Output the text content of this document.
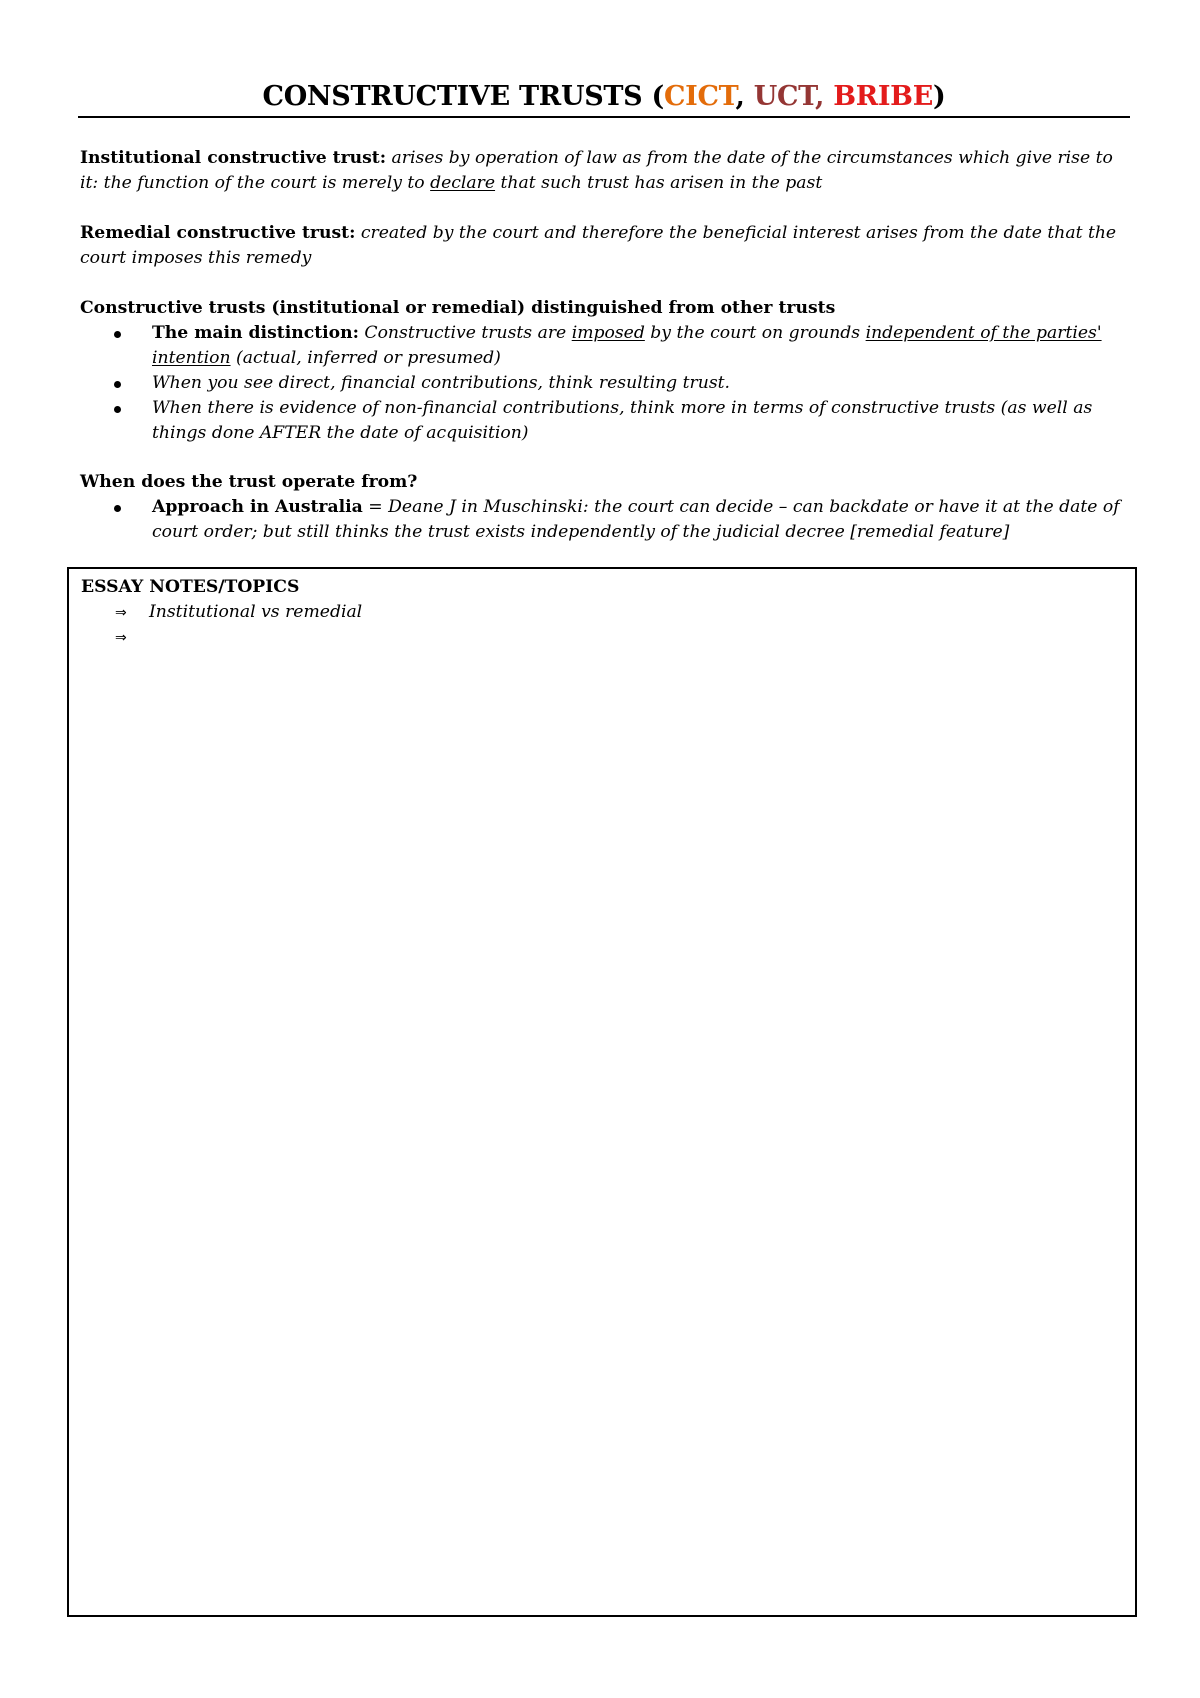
CONSTRUCTIVE TRUSTS (CICT, UCT, BRIBE)
Institutional constructive trust: arises by operation of law as from the date of the circumstances which give rise to it: the function of the court is merely to declare that such trust has arisen in the past
Remedial constructive trust: created by the court and therefore the beneficial interest arises from the date that the court imposes this remedy
Constructive trusts (institutional or remedial) distinguished from other trusts
The main distinction: Constructive trusts are imposed by the court on grounds independent of the parties' intention (actual, inferred or presumed)
When you see direct, financial contributions, think resulting trust.
When there is evidence of non-financial contributions, think more in terms of constructive trusts (as well as things done AFTER the date of acquisition)
When does the trust operate from?
Approach in Australia = Deane J in Muschinski: the court can decide – can backdate or have it at the date of court order; but still thinks the trust exists independently of the judicial decree [remedial feature]
ESSAY NOTES/TOPICS
⇒ Institutional vs remedial
⇒
